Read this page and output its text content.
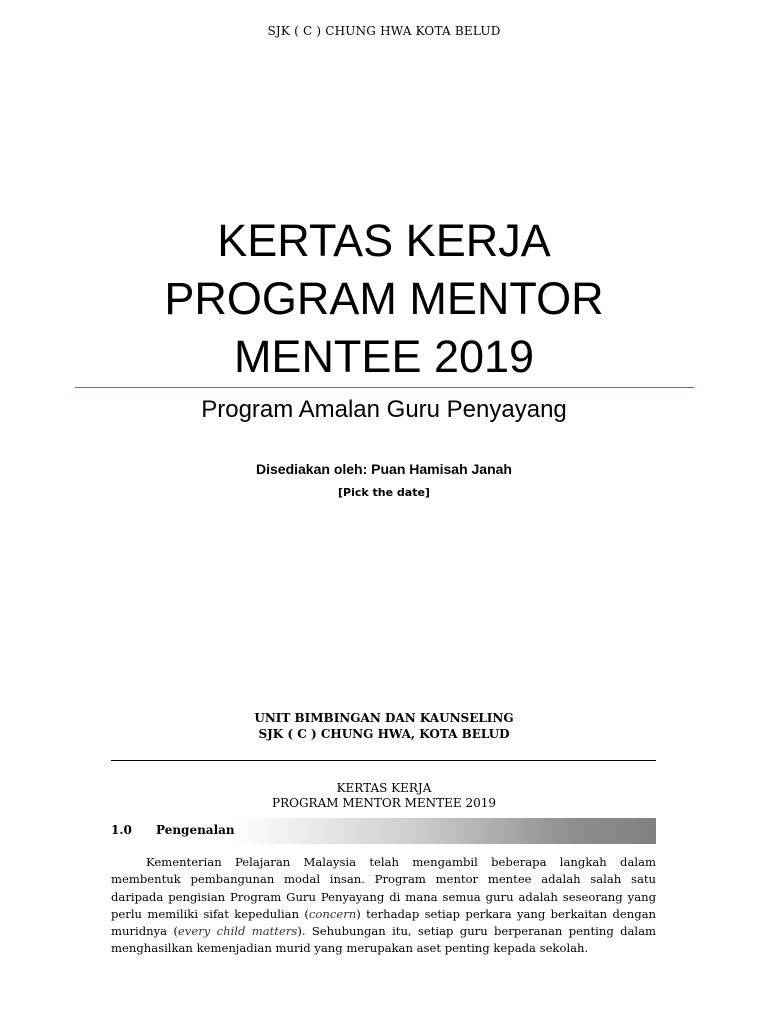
SJK ( C ) CHUNG HWA KOTA BELUD
KERTAS KERJA
PROGRAM MENTOR
MENTEE 2019
Program Amalan Guru Penyayang
Disediakan oleh: Puan Hamisah Janah
[Pick the date]
UNIT BIMBINGAN DAN KAUNSELING
SJK ( C ) CHUNG HWA, KOTA BELUD
KERTAS KERJA
PROGRAM MENTOR MENTEE 2019
1.0 Pengenalan

Kementerian Pelajaran Malaysia telah mengambil beberapa langkah dalam membentuk pembangunan modal insan. Program mentor mentee adalah salah satu daripada pengisian Program Guru Penyayang di mana semua guru adalah seseorang yang perlu memiliki sifat kepedulian (concern) terhadap setiap perkara yang berkaitan dengan muridnya (every child matters). Sehubungan itu, setiap guru berperanan penting dalam menghasilkan kemenjadian murid yang merupakan aset penting kepada sekolah.
